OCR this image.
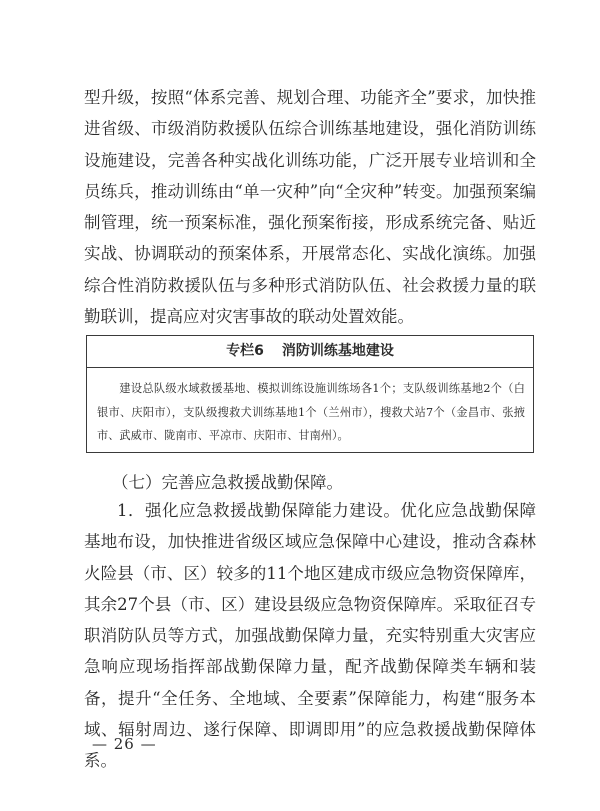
型升级，按照“体系完善、规划合理、功能齐全”要求，加快推进省级、市级消防救援队伍综合训练基地建设，强化消防训练设施建设，完善各种实战化训练功能，广泛开展专业培训和全员练兵，推动训练由“单一灾种”向“全灾种”转变。加强预案编制管理，统一预案标准，强化预案衔接，形成系统完备、贴近实战、协调联动的预案体系，开展常态化、实战化演练。加强综合性消防救援队伍与多种形式消防队伍、社会救援力量的联勤联训，提高应对灾害事故的联动处置效能。

专栏6 消防训练基地建设

建设总队级水域救援基地、模拟训练设施训练场各1个；支队级训练基地2个（白银市、庆阳市），支队级搜救犬训练基地1个（兰州市），搜救犬站7个（金昌市、张掖市、武威市、陇南市、平凉市、庆阳市、甘南州）。

（七）完善应急救援战勤保障。

1．强化应急救援战勤保障能力建设。优化应急战勤保障基地布设，加快推进省级区域应急保障中心建设，推动含森林火险县（市、区）较多的11个地区建成市级应急物资保障库，其余27个县（市、区）建设县级应急物资保障库。采取征召专职消防队员等方式，加强战勤保障力量，充实特别重大灾害应急响应现场指挥部战勤保障力量，配齐战勤保障类车辆和装备，提升“全任务、全地域、全要素”保障能力，构建“服务本域、辐射周边、遂行保障、即调即用”的应急救援战勤保障体系。

— 26 —
